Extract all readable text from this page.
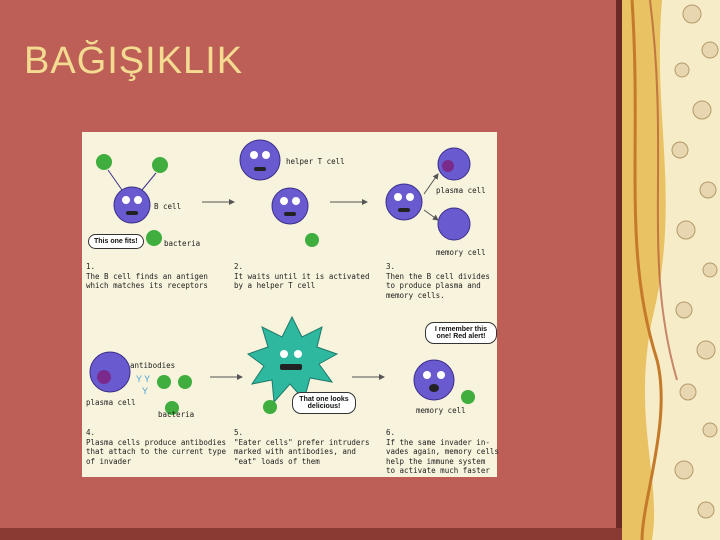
BAĞIŞIKLIK
Y Y
Y
B cell
bacteria
helper T cell
plasma cell
memory cell
antibodies
plasma cell
bacteria	memory cell
This one fits!
That one looks delicious!
I remember this one! Red alert!
1.
The B cell finds an antigen
which matches its receptors
2.
It waits until it is activated
by a helper T cell
3.
Then the B cell divides
to produce plasma and
memory cells.
4.
Plasma cells produce antibodies
that attach to the current type
of invader
5.
"Eater cells" prefer intruders
marked with antibodies, and
"eat" loads of them
6.
If the same invader in-
vades again, memory cells
help the immune system
to activate much faster
